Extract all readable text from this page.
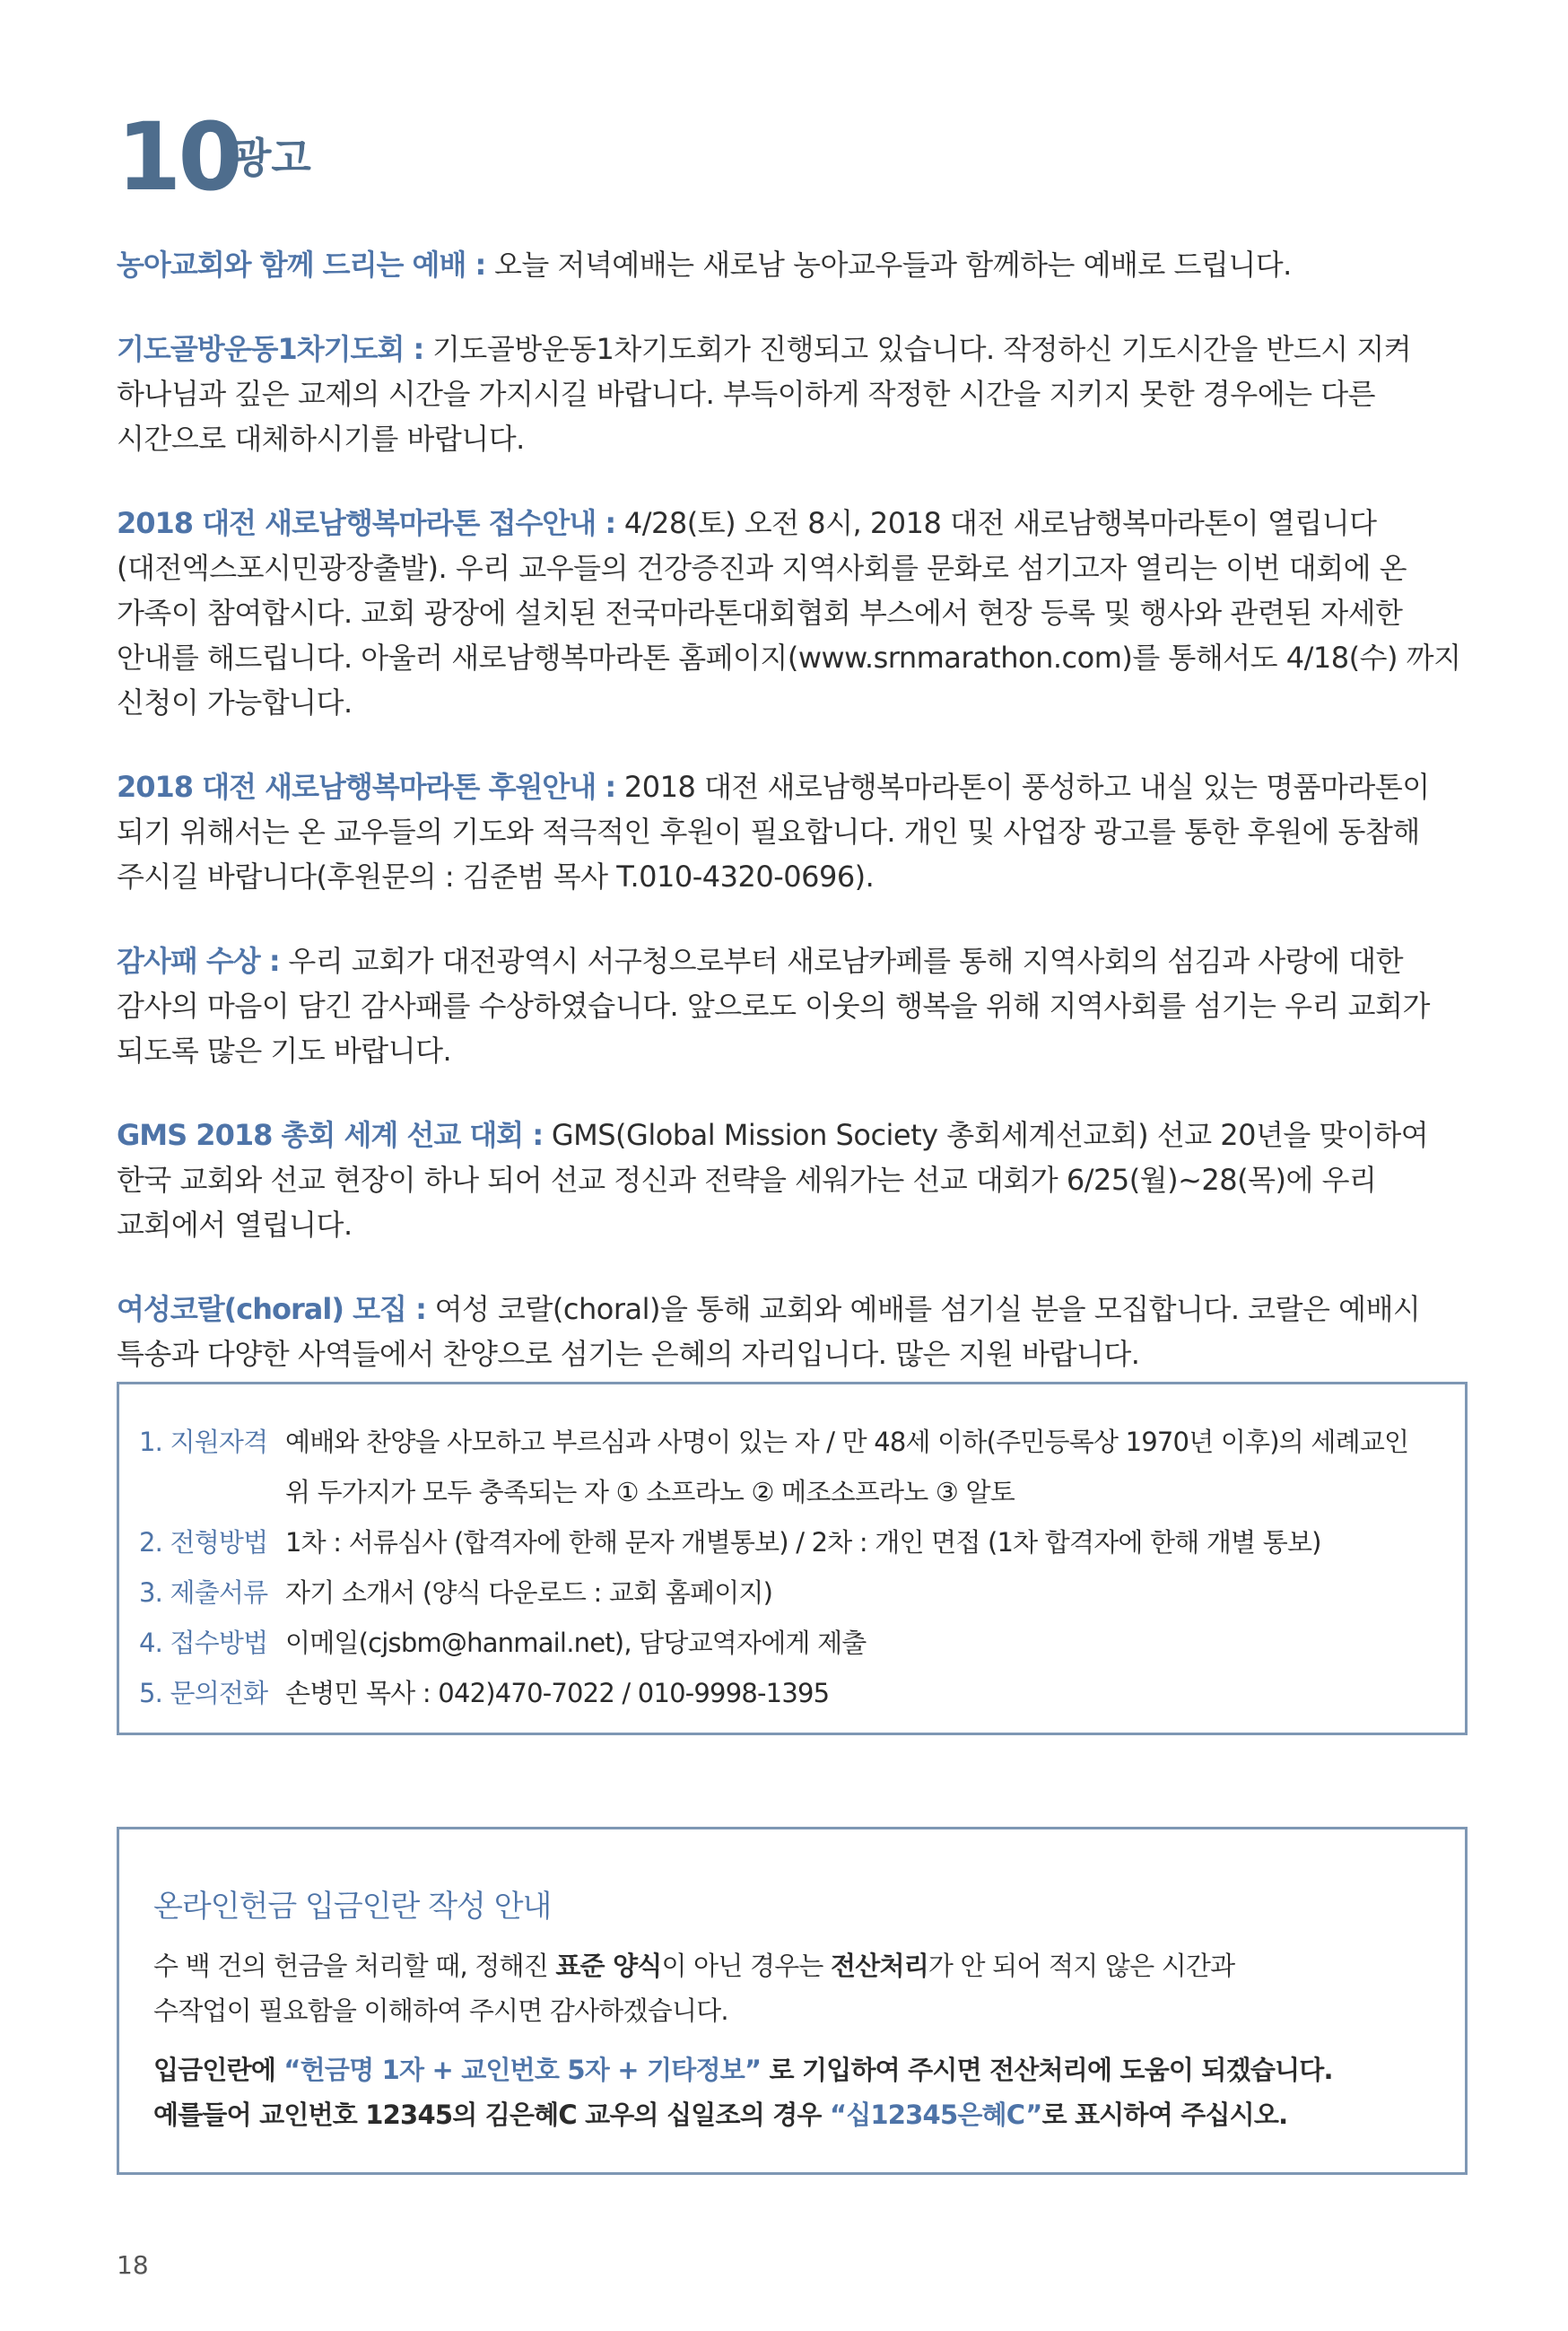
10
광고

농아교회와 함께 드리는 예배 : 오늘 저녁예배는 새로남 농아교우들과 함께하는 예배로 드립니다.

기도골방운동1차기도회 : 기도골방운동1차기도회가 진행되고 있습니다. 작정하신 기도시간을 반드시 지켜 하나님과 깊은 교제의 시간을 가지시길 바랍니다. 부득이하게 작정한 시간을 지키지 못한 경우에는 다른 시간으로 대체하시기를 바랍니다.

2018 대전 새로남행복마라톤 접수안내 : 4/28(토) 오전 8시, 2018 대전 새로남행복마라톤이 열립니다(대전엑스포시민광장출발). 우리 교우들의 건강증진과 지역사회를 문화로 섬기고자 열리는 이번 대회에 온 가족이 참여합시다. 교회 광장에 설치된 전국마라톤대회협회 부스에서 현장 등록 및 행사와 관련된 자세한 안내를 해드립니다. 아울러 새로남행복마라톤 홈페이지(www.srnmarathon.com)를 통해서도 4/18(수) 까지 신청이 가능합니다.

2018 대전 새로남행복마라톤 후원안내 : 2018 대전 새로남행복마라톤이 풍성하고 내실 있는 명품마라톤이 되기 위해서는 온 교우들의 기도와 적극적인 후원이 필요합니다. 개인 및 사업장 광고를 통한 후원에 동참해 주시길 바랍니다(후원문의 : 김준범 목사 T.010-4320-0696).

감사패 수상 : 우리 교회가 대전광역시 서구청으로부터 새로남카페를 통해 지역사회의 섬김과 사랑에 대한 감사의 마음이 담긴 감사패를 수상하였습니다. 앞으로도 이웃의 행복을 위해 지역사회를 섬기는 우리 교회가 되도록 많은 기도 바랍니다.

GMS 2018 총회 세계 선교 대회 : GMS(Global Mission Society 총회세계선교회) 선교 20년을 맞이하여 한국 교회와 선교 현장이 하나 되어 선교 정신과 전략을 세워가는 선교 대회가 6/25(월)~28(목)에 우리 교회에서 열립니다.

여성코랄(choral) 모집 : 여성 코랄(choral)을 통해 교회와 예배를 섬기실 분을 모집합니다. 코랄은 예배시 특송과 다양한 사역들에서 찬양으로 섬기는 은혜의 자리입니다. 많은 지원 바랍니다.

1. 지원자격 예배와 찬양을 사모하고 부르심과 사명이 있는 자 / 만 48세 이하(주민등록상 1970년 이후)의 세례교인
위 두가지가 모두 충족되는 자 ① 소프라노 ② 메조소프라노 ③ 알토
2. 전형방법 1차 : 서류심사 (합격자에 한해 문자 개별통보) / 2차 : 개인 면접 (1차 합격자에 한해 개별 통보)
3. 제출서류 자기 소개서 (양식 다운로드 : 교회 홈페이지)
4. 접수방법 이메일(cjsbm@hanmail.net), 담당교역자에게 제출
5. 문의전화 손병민 목사 : 042)470-7022 / 010-9998-1395
온라인헌금 입금인란 작성 안내
수 백 건의 헌금을 처리할 때, 정해진 표준 양식이 아닌 경우는 전산처리가 안 되어 적지 않은 시간과
수작업이 필요함을 이해하여 주시면 감사하겠습니다.
입금인란에 “헌금명 1자 + 교인번호 5자 + 기타정보” 로 기입하여 주시면 전산처리에 도움이 되겠습니다.
예를들어 교인번호 12345의 김은혜C 교우의 십일조의 경우 “십12345은혜C”로 표시하여 주십시오.
18
